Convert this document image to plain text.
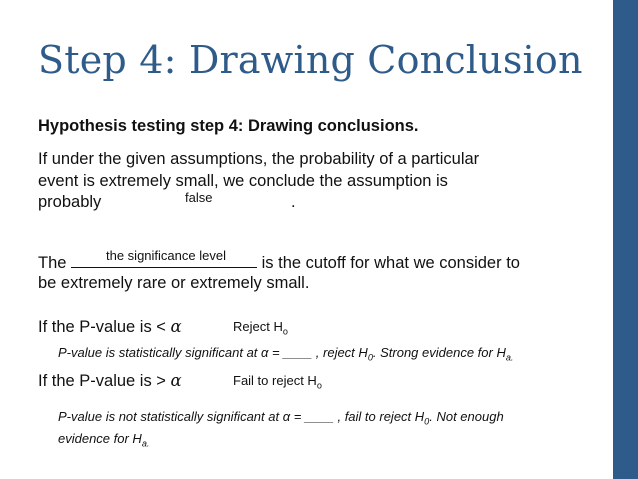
Step 4: Drawing Conclusion
Hypothesis testing step 4: Drawing conclusions.
If under the given assumptions, the probability of a particular
event is extremely small, we conclude the assumption is
probably	false	.
The	is the cutoff for what we consider to
the significance level
be extremely rare or extremely small.
If the P-value is < α	Reject $H_o$
P-value is statistically significant at α = ____ , reject $H_0$. Strong evidence for $H_{a.}$
If the P-value is > α	Fail to reject $H_o$
P-value is not statistically significant at α = ____ , fail to reject $H_0$. Not enough
evidence for $H_{a.}$
